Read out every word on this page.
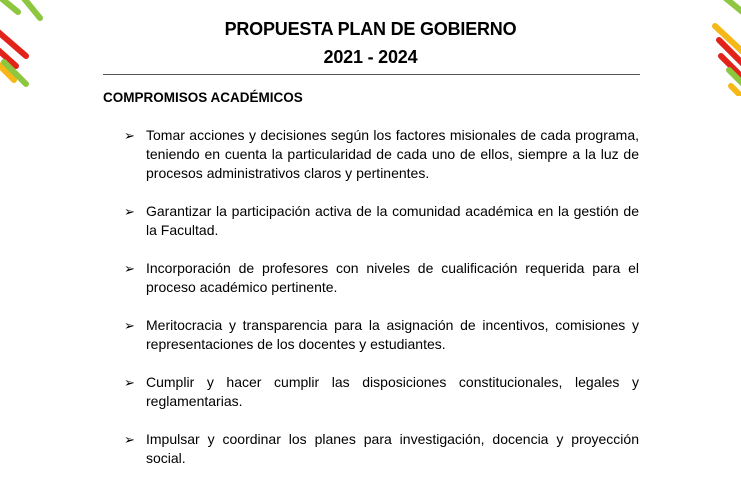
PROPUESTA PLAN DE GOBIERNO
2021 - 2024
COMPROMISOS ACADÉMICOS
➢ Tomar acciones y decisiones según los factores misionales de cada programa, teniendo en cuenta la particularidad de cada uno de ellos, siempre a la luz de procesos administrativos claros y pertinentes.
➢ Garantizar la participación activa de la comunidad académica en la gestión de la Facultad.
➢ Incorporación de profesores con niveles de cualificación requerida para el proceso académico pertinente.
➢ Meritocracia y transparencia para la asignación de incentivos, comisiones y representaciones de los docentes y estudiantes.
➢ Cumplir y hacer cumplir las disposiciones constitucionales, legales y reglamentarias.
➢ Impulsar y coordinar los planes para investigación, docencia y proyección social.
